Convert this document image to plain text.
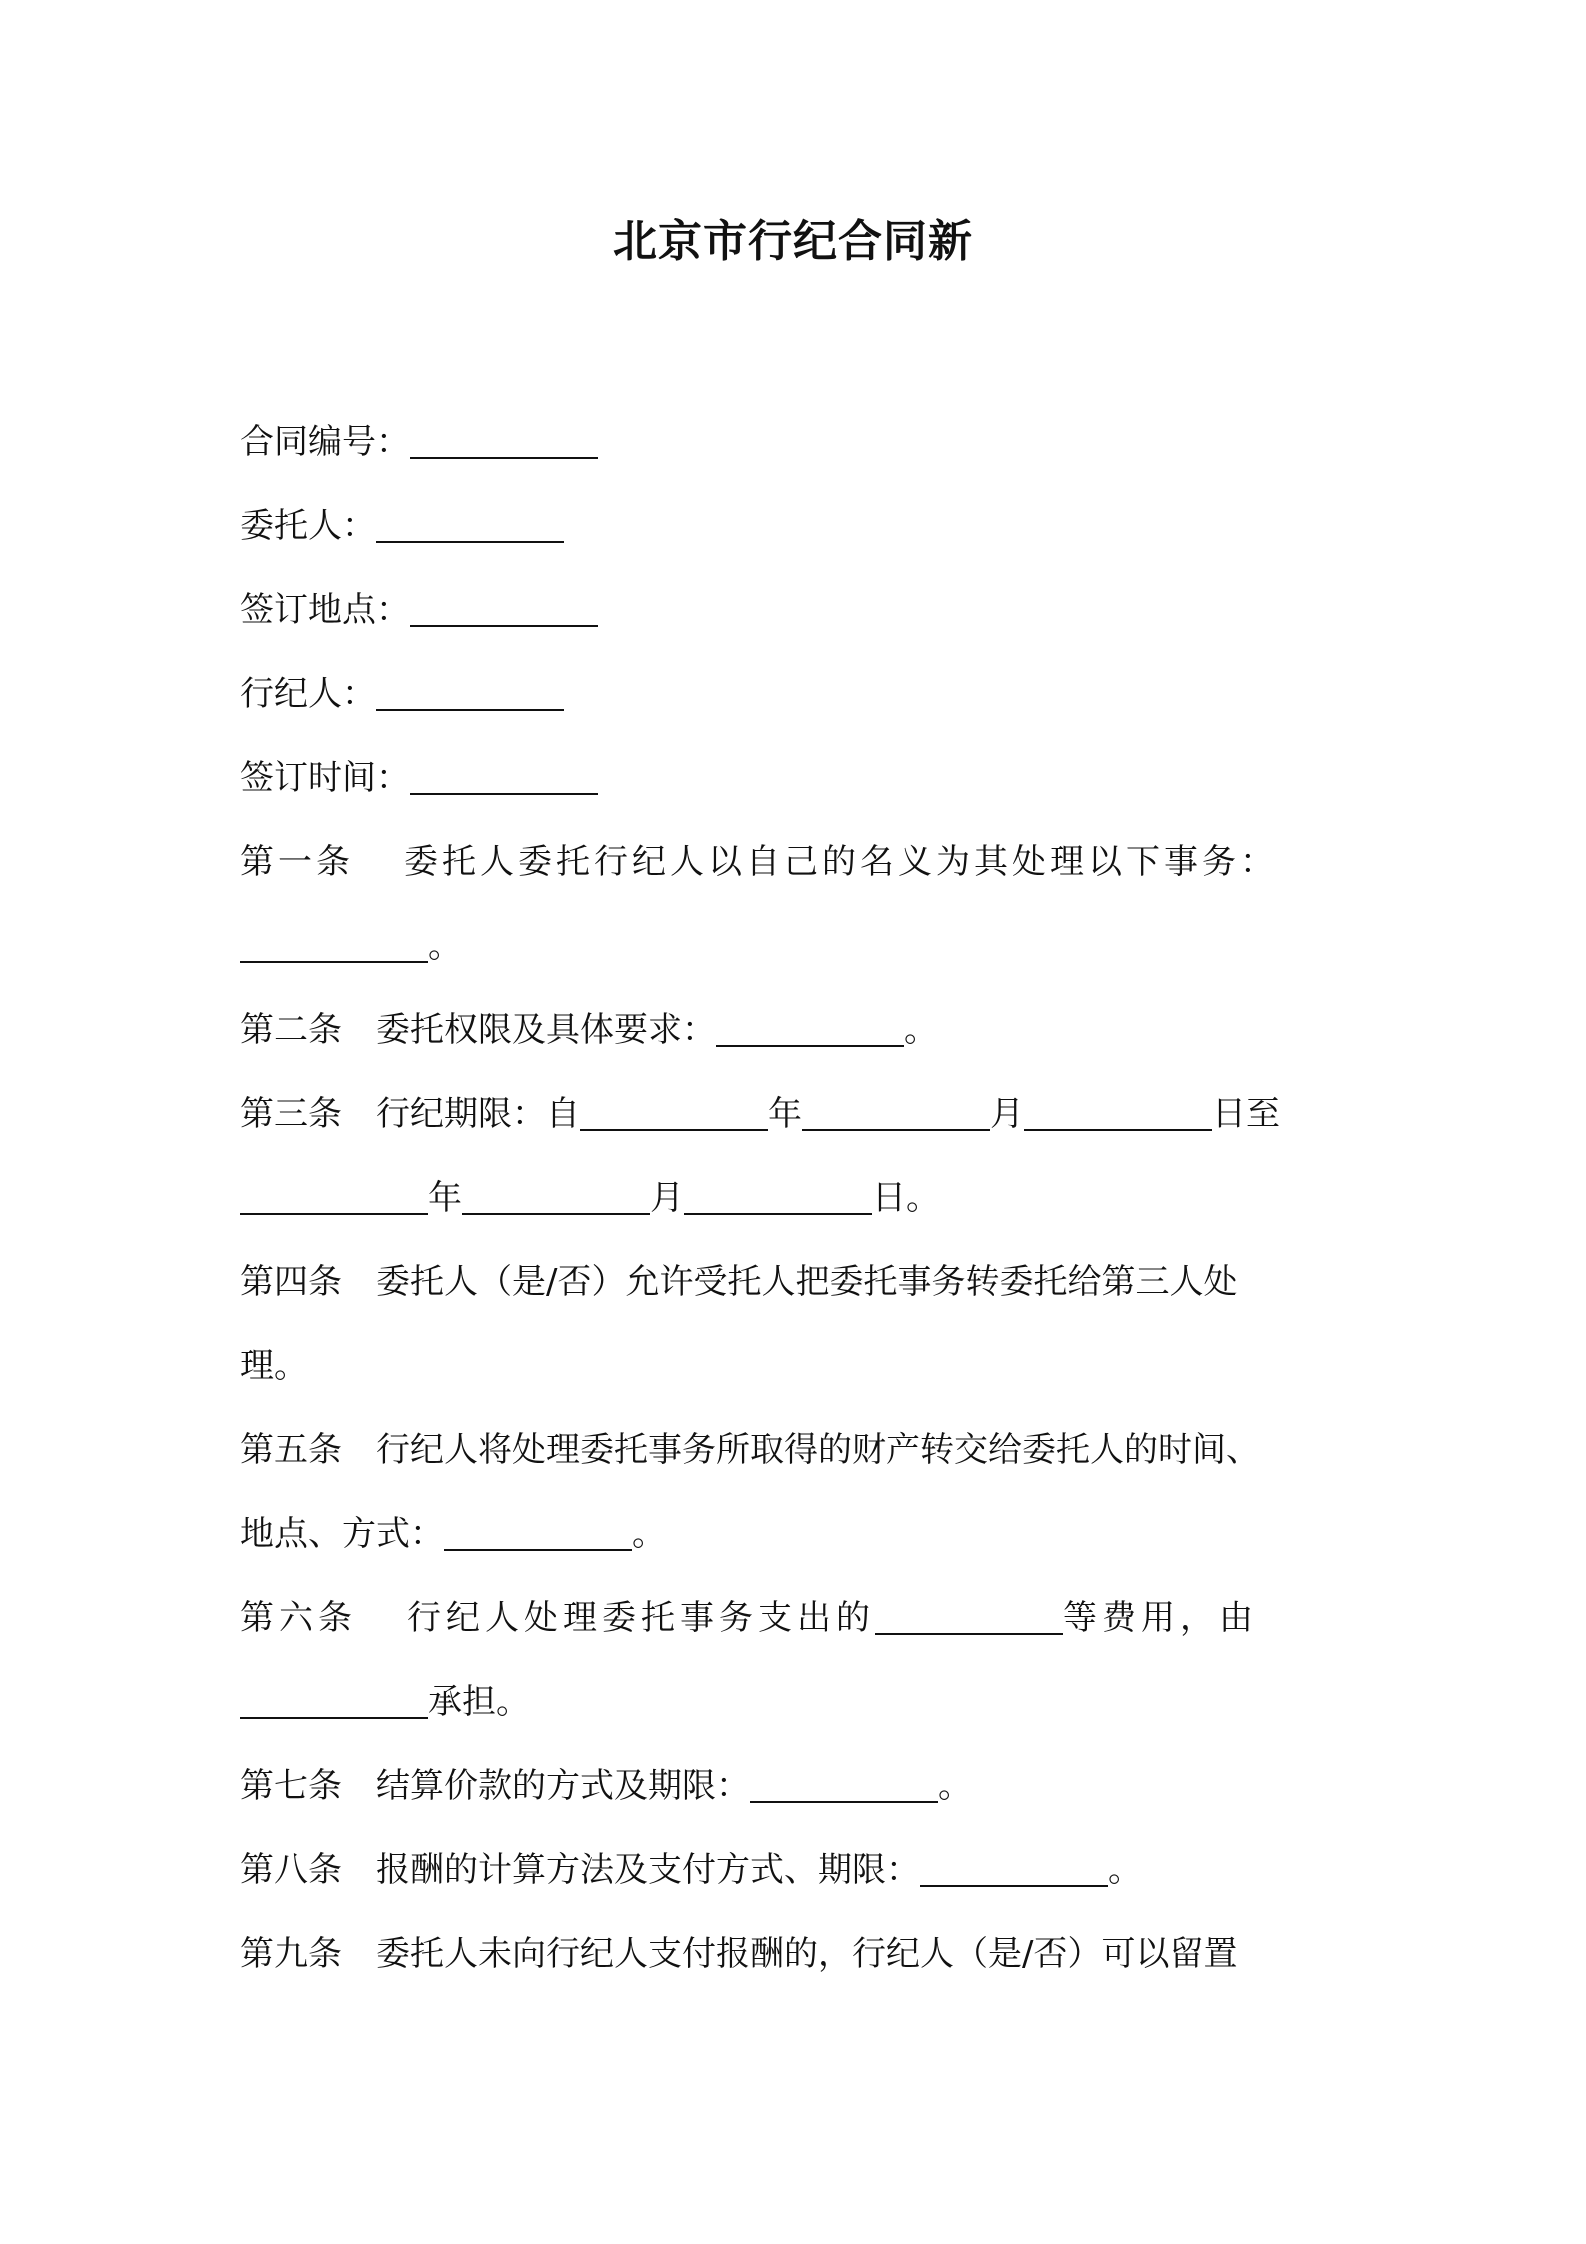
北京市行纪合同新
合同编号：
委托人：
签订地点：
行纪人：
签订时间：
第一条 委托人委托行纪人以自己的名义为其处理以下事务：
。
第二条 委托权限及具体要求：	。
第三条 行纪期限：自	年	月	日至
年	月	日。
第四条 委托人（是/否）允许受托人把委托事务转委托给第三人处
理。
第五条 行纪人将处理委托事务所取得的财产转交给委托人的时间、
地点、方式：	。
第六条 行纪人处理委托事务支出的	等费用，由
承担。
第七条 结算价款的方式及期限：	。
第八条 报酬的计算方法及支付方式、期限：	。
第九条 委托人未向行纪人支付报酬的，行纪人（是/否）可以留置
